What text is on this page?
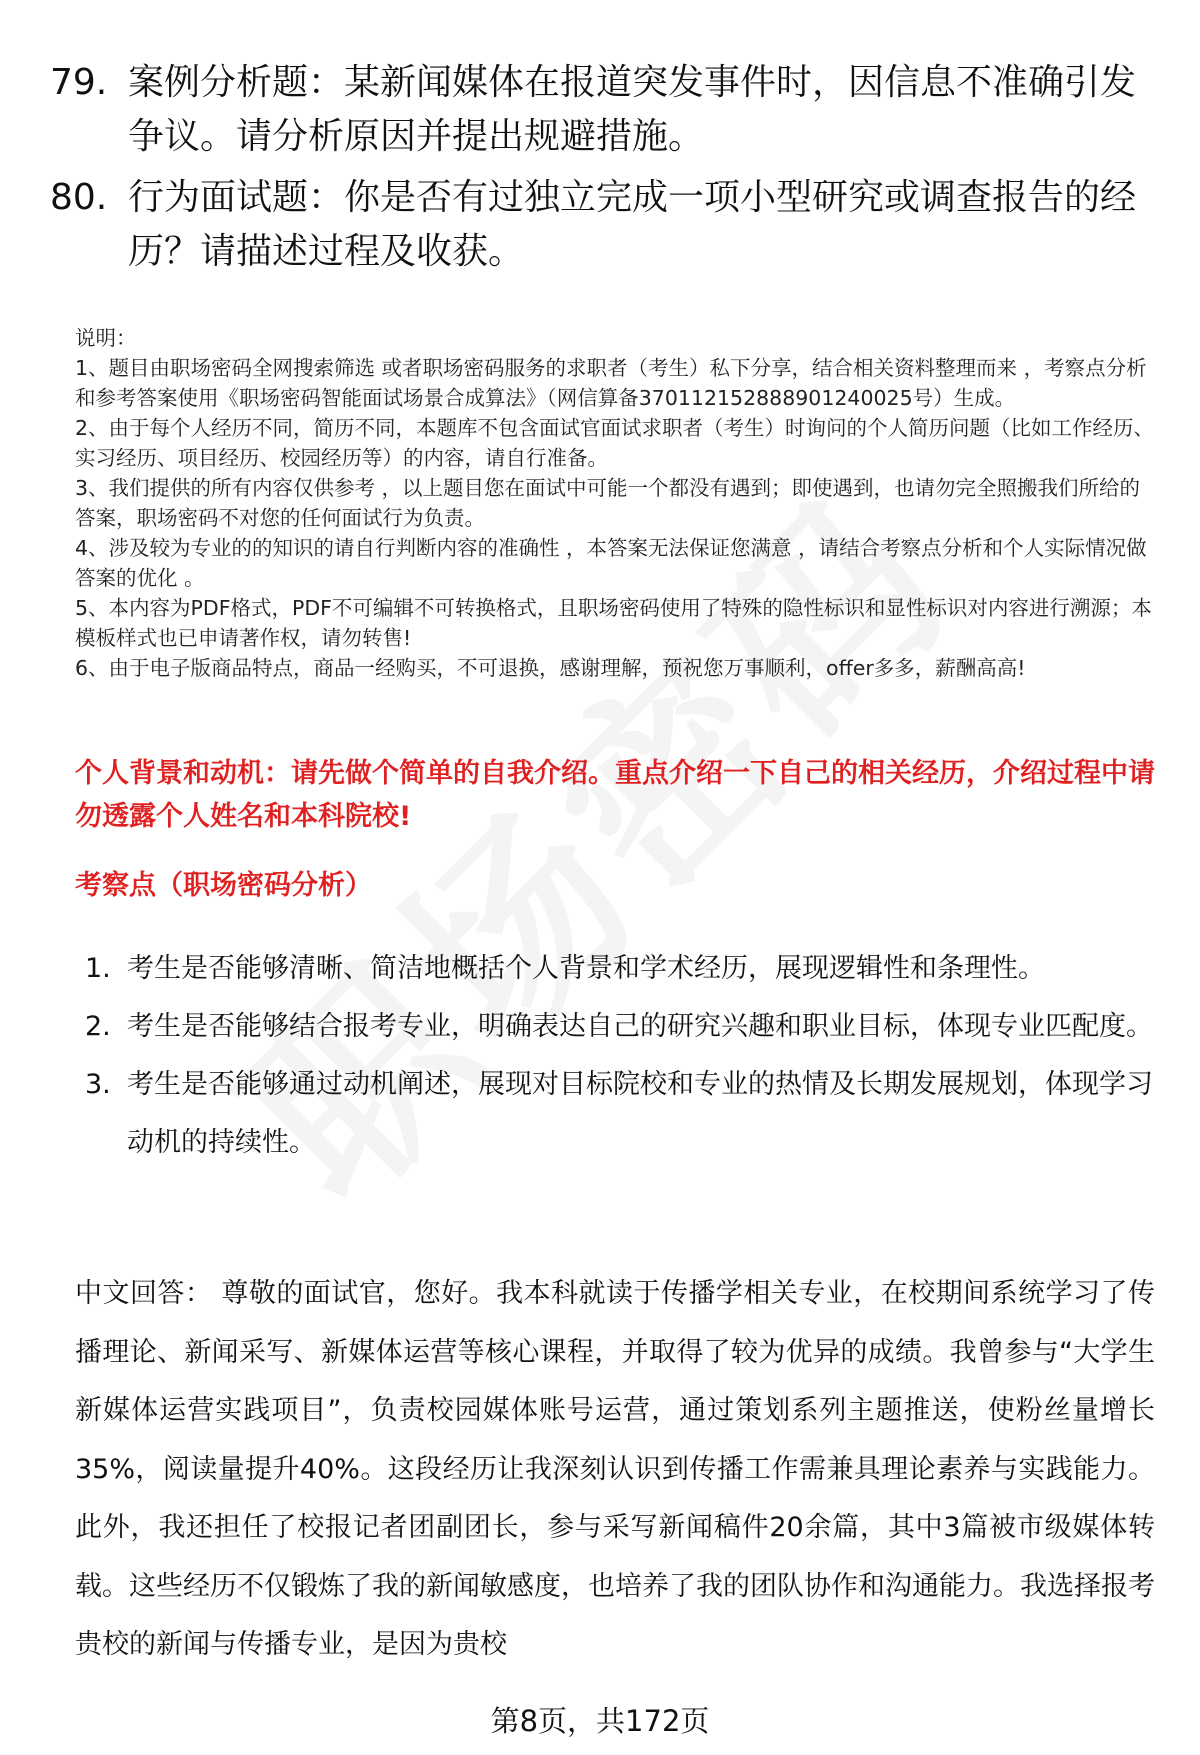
79. 案例分析题：某新闻媒体在报道突发事件时，因信息不准确引发争议。请分析原因并提出规避措施。
80. 行为面试题：你是否有过独立完成一项小型研究或调查报告的经历？请描述过程及收获。

说明：

1、题目由职场密码全网搜索筛选 或者职场密码服务的求职者（考生）私下分享，结合相关资料整理而来 ，考察点分析和参考答案使用《职场密码智能面试场景合成算法》（网信算备370112152888901240025号）生成。

2、由于每个人经历不同，简历不同，本题库不包含面试官面试求职者（考生）时询问的个人简历问题（比如工作经历、实习经历、项目经历、校园经历等）的内容，请自行准备。

3、我们提供的所有内容仅供参考 ，以上题目您在面试中可能一个都没有遇到；即使遇到，也请勿完全照搬我们所给的答案，职场密码不对您的任何面试行为负责。

4、涉及较为专业的的知识的请自行判断内容的准确性 ，本答案无法保证您满意 ，请结合考察点分析和个人实际情况做答案的优化 。

5、本内容为PDF格式，PDF不可编辑不可转换格式，且职场密码使用了特殊的隐性标识和显性标识对内容进行溯源；本模板样式也已申请著作权，请勿转售!

6、由于电子版商品特点，商品一经购买，不可退换，感谢理解，预祝您万事顺利，offer多多，薪酬高高!

个人背景和动机：请先做个简单的自我介绍。重点介绍一下自己的相关经历，介绍过程中请勿透露个人姓名和本科院校!
考察点（职场密码分析）
1. 考生是否能够清晰、简洁地概括个人背景和学术经历，展现逻辑性和条理性。
2. 考生是否能够结合报考专业，明确表达自己的研究兴趣和职业目标，体现专业匹配度。
3. 考生是否能够通过动机阐述，展现对目标院校和专业的热情及长期发展规划，体现学习动机的持续性。
中文回答： 尊敬的面试官，您好。我本科就读于传播学相关专业，在校期间系统学习了传播理论、新闻采写、新媒体运营等核心课程，并取得了较为优异的成绩。我曾参与“大学生新媒体运营实践项目”，负责校园媒体账号运营，通过策划系列主题推送，使粉丝量增长35%，阅读量提升40%。这段经历让我深刻认识到传播工作需兼具理论素养与实践能力。此外，我还担任了校报记者团副团长，参与采写新闻稿件20余篇，其中3篇被市级媒体转载。这些经历不仅锻炼了我的新闻敏感度，也培养了我的团队协作和沟通能力。我选择报考贵校的新闻与传播专业，是因为贵校
第8页，共172页
